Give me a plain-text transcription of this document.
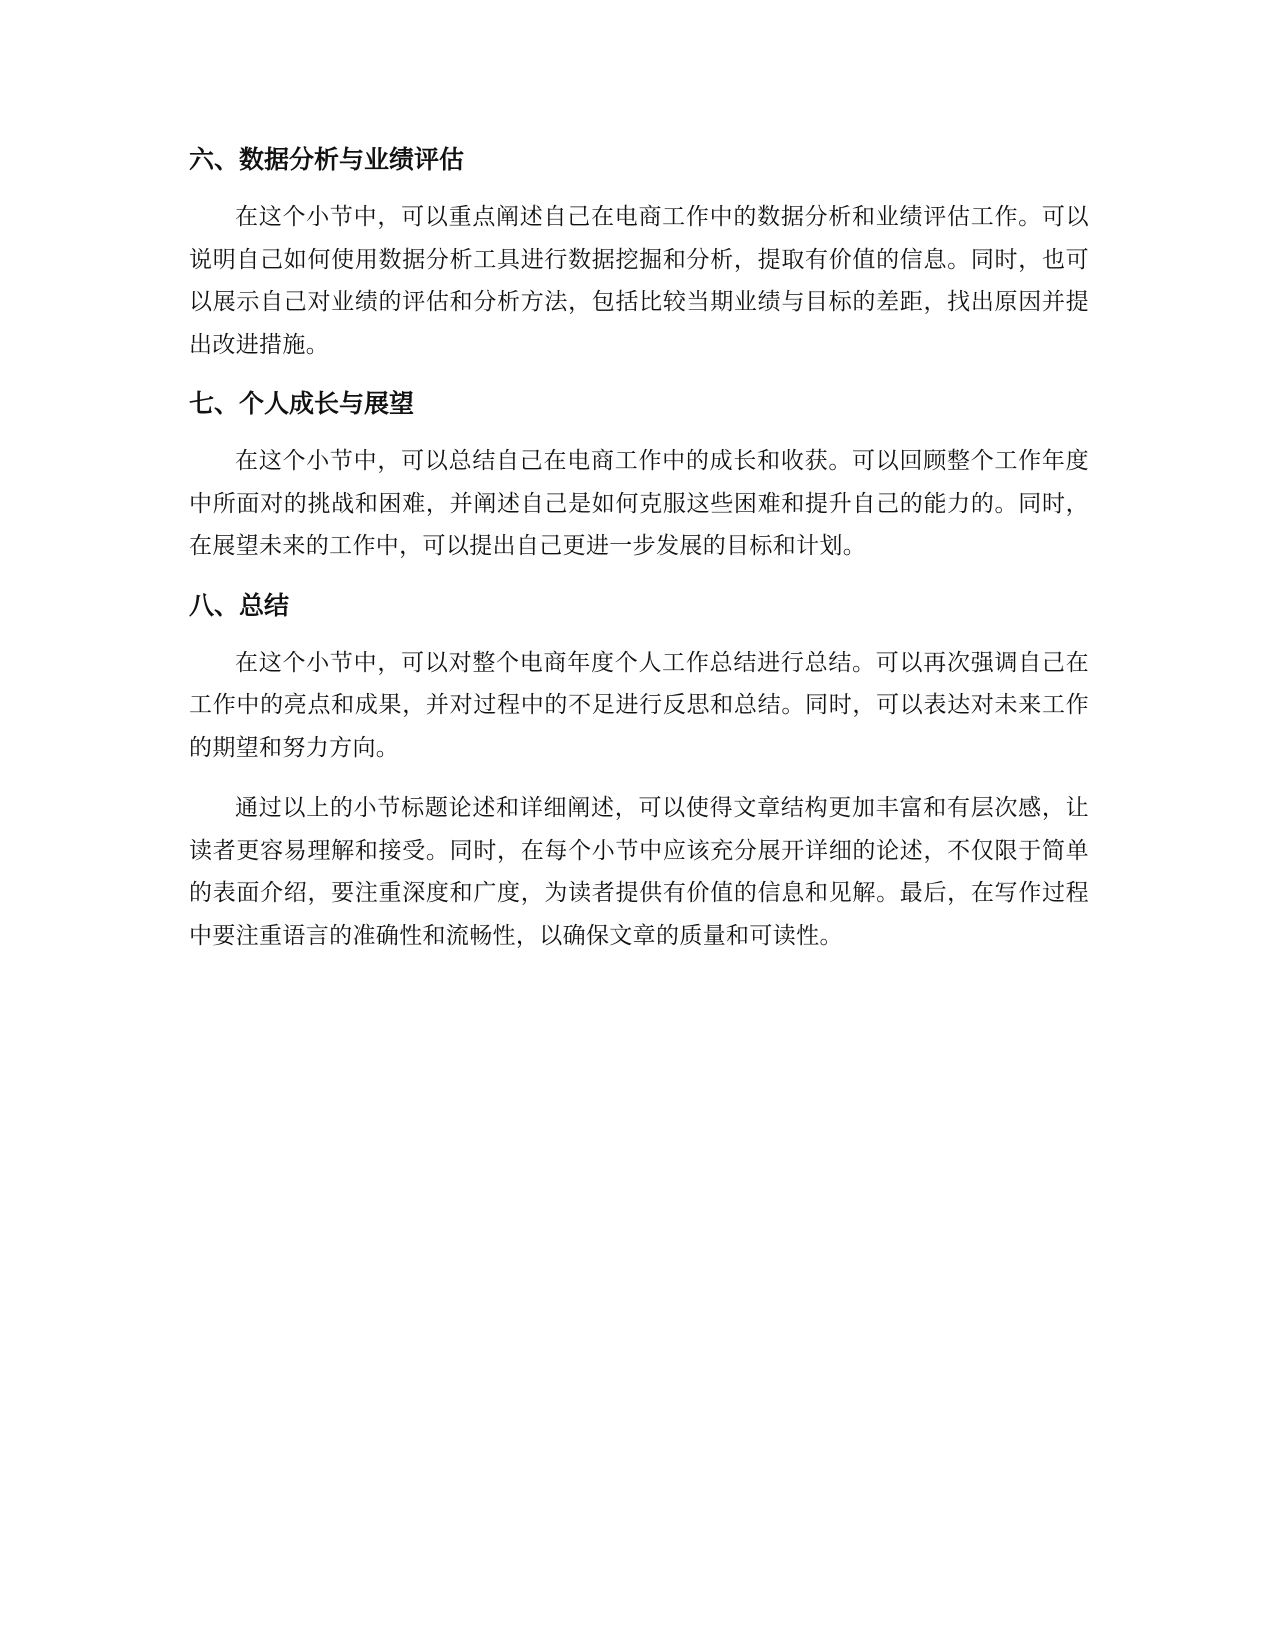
六、数据分析与业绩评估

在这个小节中，可以重点阐述自己在电商工作中的数据分析和业绩评估工作。可以说明自己如何使用数据分析工具进行数据挖掘和分析，提取有价值的信息。同时，也可以展示自己对业绩的评估和分析方法，包括比较当期业绩与目标的差距，找出原因并提出改进措施。

七、个人成长与展望

在这个小节中，可以总结自己在电商工作中的成长和收获。可以回顾整个工作年度中所面对的挑战和困难，并阐述自己是如何克服这些困难和提升自己的能力的。同时，在展望未来的工作中，可以提出自己更进一步发展的目标和计划。

八、总结

在这个小节中，可以对整个电商年度个人工作总结进行总结。可以再次强调自己在工作中的亮点和成果，并对过程中的不足进行反思和总结。同时，可以表达对未来工作的期望和努力方向。

通过以上的小节标题论述和详细阐述，可以使得文章结构更加丰富和有层次感，让读者更容易理解和接受。同时，在每个小节中应该充分展开详细的论述，不仅限于简单的表面介绍，要注重深度和广度，为读者提供有价值的信息和见解。最后，在写作过程中要注重语言的准确性和流畅性，以确保文章的质量和可读性。
